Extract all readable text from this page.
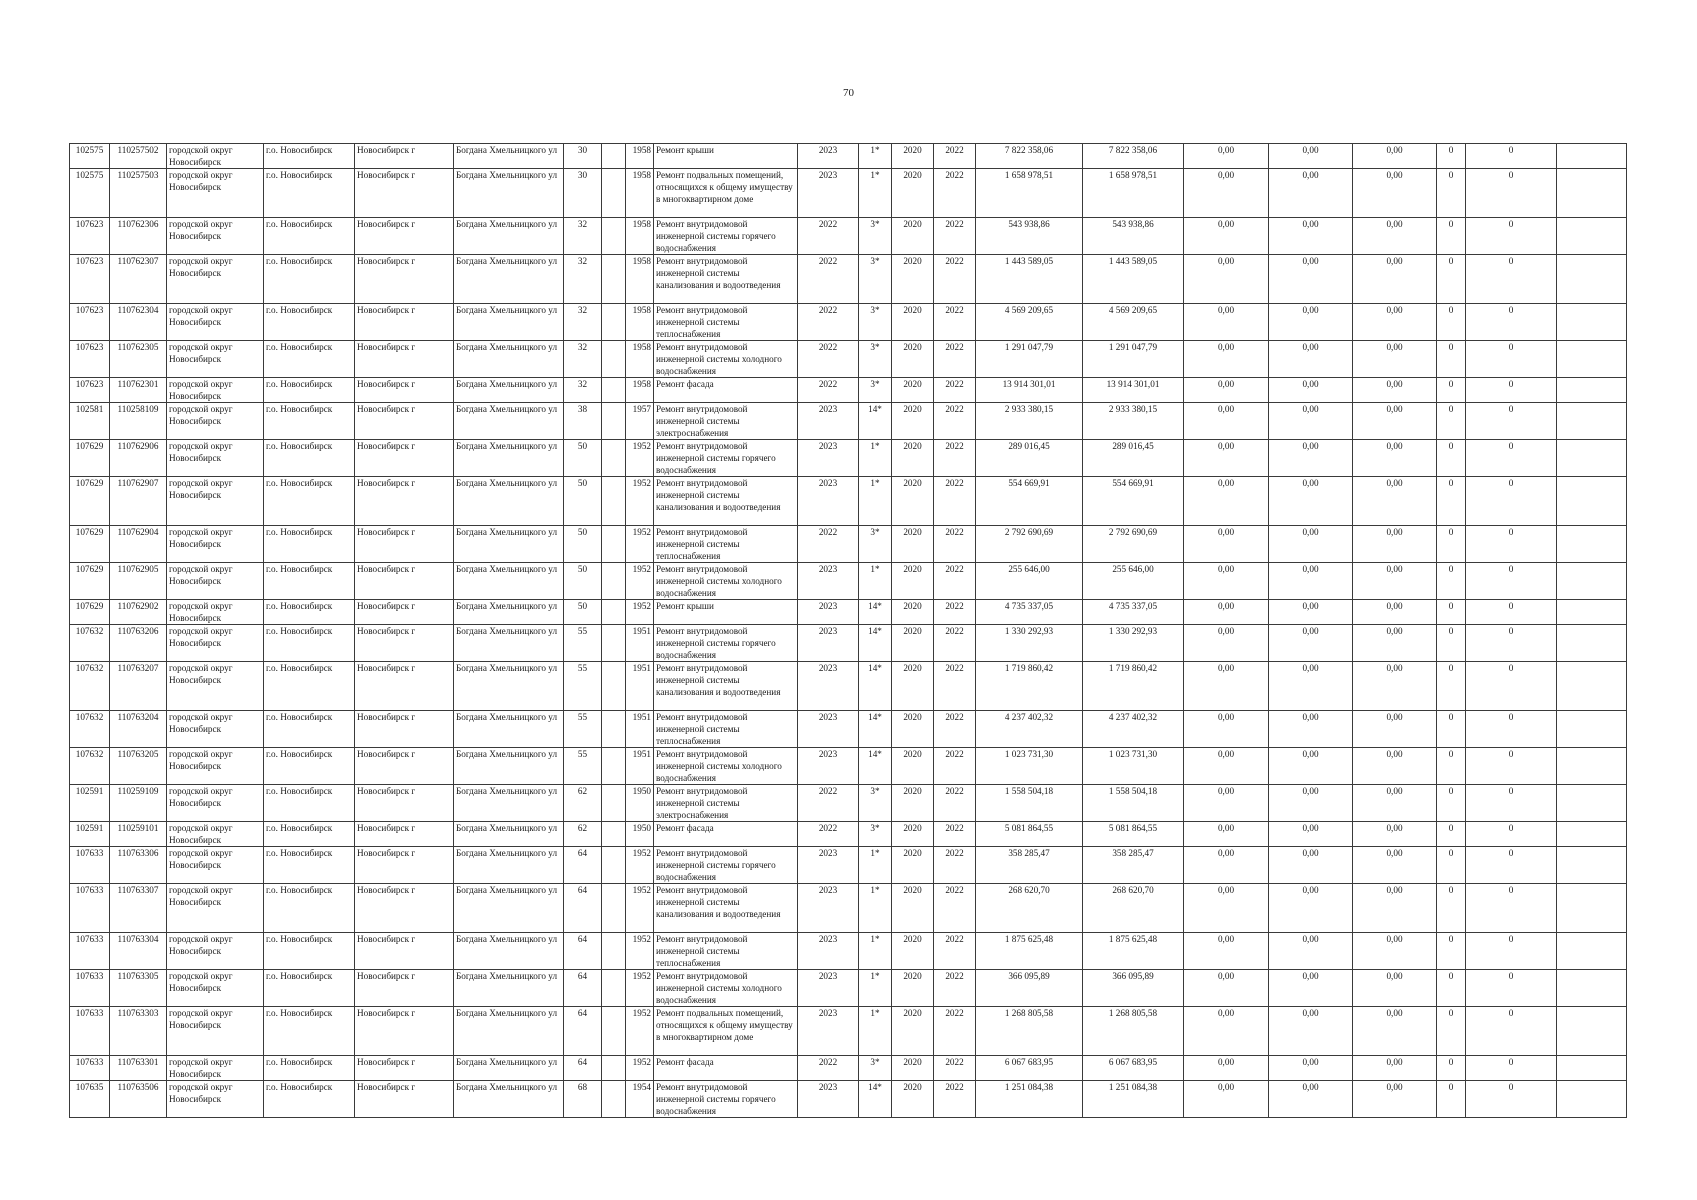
70
102575	110257502	городской округ Новосибирск	г.о. Новосибирск	Новосибирск г	Богдана Хмельницкого ул	30		1958	Ремонт крыши	2023	1*	2020	2022	7 822 358,06	7 822 358,06	0,00	0,00	0,00	0	0	
102575	110257503	городской округ Новосибирск	г.о. Новосибирск	Новосибирск г	Богдана Хмельницкого ул	30		1958	Ремонт подвальных помещений, относящихся к общему имуществу в многоквартирном доме	2023	1*	2020	2022	1 658 978,51	1 658 978,51	0,00	0,00	0,00	0	0	
107623	110762306	городской округ Новосибирск	г.о. Новосибирск	Новосибирск г	Богдана Хмельницкого ул	32		1958	Ремонт внутридомовой инженерной системы горячего водоснабжения	2022	3*	2020	2022	543 938,86	543 938,86	0,00	0,00	0,00	0	0	
107623	110762307	городской округ Новосибирск	г.о. Новосибирск	Новосибирск г	Богдана Хмельницкого ул	32		1958	Ремонт внутридомовой инженерной системы канализования и водоотведения	2022	3*	2020	2022	1 443 589,05	1 443 589,05	0,00	0,00	0,00	0	0	
107623	110762304	городской округ Новосибирск	г.о. Новосибирск	Новосибирск г	Богдана Хмельницкого ул	32		1958	Ремонт внутридомовой инженерной системы теплоснабжения	2022	3*	2020	2022	4 569 209,65	4 569 209,65	0,00	0,00	0,00	0	0	
107623	110762305	городской округ Новосибирск	г.о. Новосибирск	Новосибирск г	Богдана Хмельницкого ул	32		1958	Ремонт внутридомовой инженерной системы холодного водоснабжения	2022	3*	2020	2022	1 291 047,79	1 291 047,79	0,00	0,00	0,00	0	0	
107623	110762301	городской округ Новосибирск	г.о. Новосибирск	Новосибирск г	Богдана Хмельницкого ул	32		1958	Ремонт фасада	2022	3*	2020	2022	13 914 301,01	13 914 301,01	0,00	0,00	0,00	0	0	
102581	110258109	городской округ Новосибирск	г.о. Новосибирск	Новосибирск г	Богдана Хмельницкого ул	38		1957	Ремонт внутридомовой инженерной системы электроснабжения	2023	14*	2020	2022	2 933 380,15	2 933 380,15	0,00	0,00	0,00	0	0	
107629	110762906	городской округ Новосибирск	г.о. Новосибирск	Новосибирск г	Богдана Хмельницкого ул	50		1952	Ремонт внутридомовой инженерной системы горячего водоснабжения	2023	1*	2020	2022	289 016,45	289 016,45	0,00	0,00	0,00	0	0	
107629	110762907	городской округ Новосибирск	г.о. Новосибирск	Новосибирск г	Богдана Хмельницкого ул	50		1952	Ремонт внутридомовой инженерной системы канализования и водоотведения	2023	1*	2020	2022	554 669,91	554 669,91	0,00	0,00	0,00	0	0	
107629	110762904	городской округ Новосибирск	г.о. Новосибирск	Новосибирск г	Богдана Хмельницкого ул	50		1952	Ремонт внутридомовой инженерной системы теплоснабжения	2022	3*	2020	2022	2 792 690,69	2 792 690,69	0,00	0,00	0,00	0	0	
107629	110762905	городской округ Новосибирск	г.о. Новосибирск	Новосибирск г	Богдана Хмельницкого ул	50		1952	Ремонт внутридомовой инженерной системы холодного водоснабжения	2023	1*	2020	2022	255 646,00	255 646,00	0,00	0,00	0,00	0	0	
107629	110762902	городской округ Новосибирск	г.о. Новосибирск	Новосибирск г	Богдана Хмельницкого ул	50		1952	Ремонт крыши	2023	14*	2020	2022	4 735 337,05	4 735 337,05	0,00	0,00	0,00	0	0	
107632	110763206	городской округ Новосибирск	г.о. Новосибирск	Новосибирск г	Богдана Хмельницкого ул	55		1951	Ремонт внутридомовой инженерной системы горячего водоснабжения	2023	14*	2020	2022	1 330 292,93	1 330 292,93	0,00	0,00	0,00	0	0	
107632	110763207	городской округ Новосибирск	г.о. Новосибирск	Новосибирск г	Богдана Хмельницкого ул	55		1951	Ремонт внутридомовой инженерной системы канализования и водоотведения	2023	14*	2020	2022	1 719 860,42	1 719 860,42	0,00	0,00	0,00	0	0	
107632	110763204	городской округ Новосибирск	г.о. Новосибирск	Новосибирск г	Богдана Хмельницкого ул	55		1951	Ремонт внутридомовой инженерной системы теплоснабжения	2023	14*	2020	2022	4 237 402,32	4 237 402,32	0,00	0,00	0,00	0	0	
107632	110763205	городской округ Новосибирск	г.о. Новосибирск	Новосибирск г	Богдана Хмельницкого ул	55		1951	Ремонт внутридомовой инженерной системы холодного водоснабжения	2023	14*	2020	2022	1 023 731,30	1 023 731,30	0,00	0,00	0,00	0	0	
102591	110259109	городской округ Новосибирск	г.о. Новосибирск	Новосибирск г	Богдана Хмельницкого ул	62		1950	Ремонт внутридомовой инженерной системы электроснабжения	2022	3*	2020	2022	1 558 504,18	1 558 504,18	0,00	0,00	0,00	0	0	
102591	110259101	городской округ Новосибирск	г.о. Новосибирск	Новосибирск г	Богдана Хмельницкого ул	62		1950	Ремонт фасада	2022	3*	2020	2022	5 081 864,55	5 081 864,55	0,00	0,00	0,00	0	0	
107633	110763306	городской округ Новосибирск	г.о. Новосибирск	Новосибирск г	Богдана Хмельницкого ул	64		1952	Ремонт внутридомовой инженерной системы горячего водоснабжения	2023	1*	2020	2022	358 285,47	358 285,47	0,00	0,00	0,00	0	0	
107633	110763307	городской округ Новосибирск	г.о. Новосибирск	Новосибирск г	Богдана Хмельницкого ул	64		1952	Ремонт внутридомовой инженерной системы канализования и водоотведения	2023	1*	2020	2022	268 620,70	268 620,70	0,00	0,00	0,00	0	0	
107633	110763304	городской округ Новосибирск	г.о. Новосибирск	Новосибирск г	Богдана Хмельницкого ул	64		1952	Ремонт внутридомовой инженерной системы теплоснабжения	2023	1*	2020	2022	1 875 625,48	1 875 625,48	0,00	0,00	0,00	0	0	
107633	110763305	городской округ Новосибирск	г.о. Новосибирск	Новосибирск г	Богдана Хмельницкого ул	64		1952	Ремонт внутридомовой инженерной системы холодного водоснабжения	2023	1*	2020	2022	366 095,89	366 095,89	0,00	0,00	0,00	0	0	
107633	110763303	городской округ Новосибирск	г.о. Новосибирск	Новосибирск г	Богдана Хмельницкого ул	64		1952	Ремонт подвальных помещений, относящихся к общему имуществу в многоквартирном доме	2023	1*	2020	2022	1 268 805,58	1 268 805,58	0,00	0,00	0,00	0	0	
107633	110763301	городской округ Новосибирск	г.о. Новосибирск	Новосибирск г	Богдана Хмельницкого ул	64		1952	Ремонт фасада	2022	3*	2020	2022	6 067 683,95	6 067 683,95	0,00	0,00	0,00	0	0	
107635	110763506	городской округ Новосибирск	г.о. Новосибирск	Новосибирск г	Богдана Хмельницкого ул	68		1954	Ремонт внутридомовой инженерной системы горячего водоснабжения	2023	14*	2020	2022	1 251 084,38	1 251 084,38	0,00	0,00	0,00	0	0	
